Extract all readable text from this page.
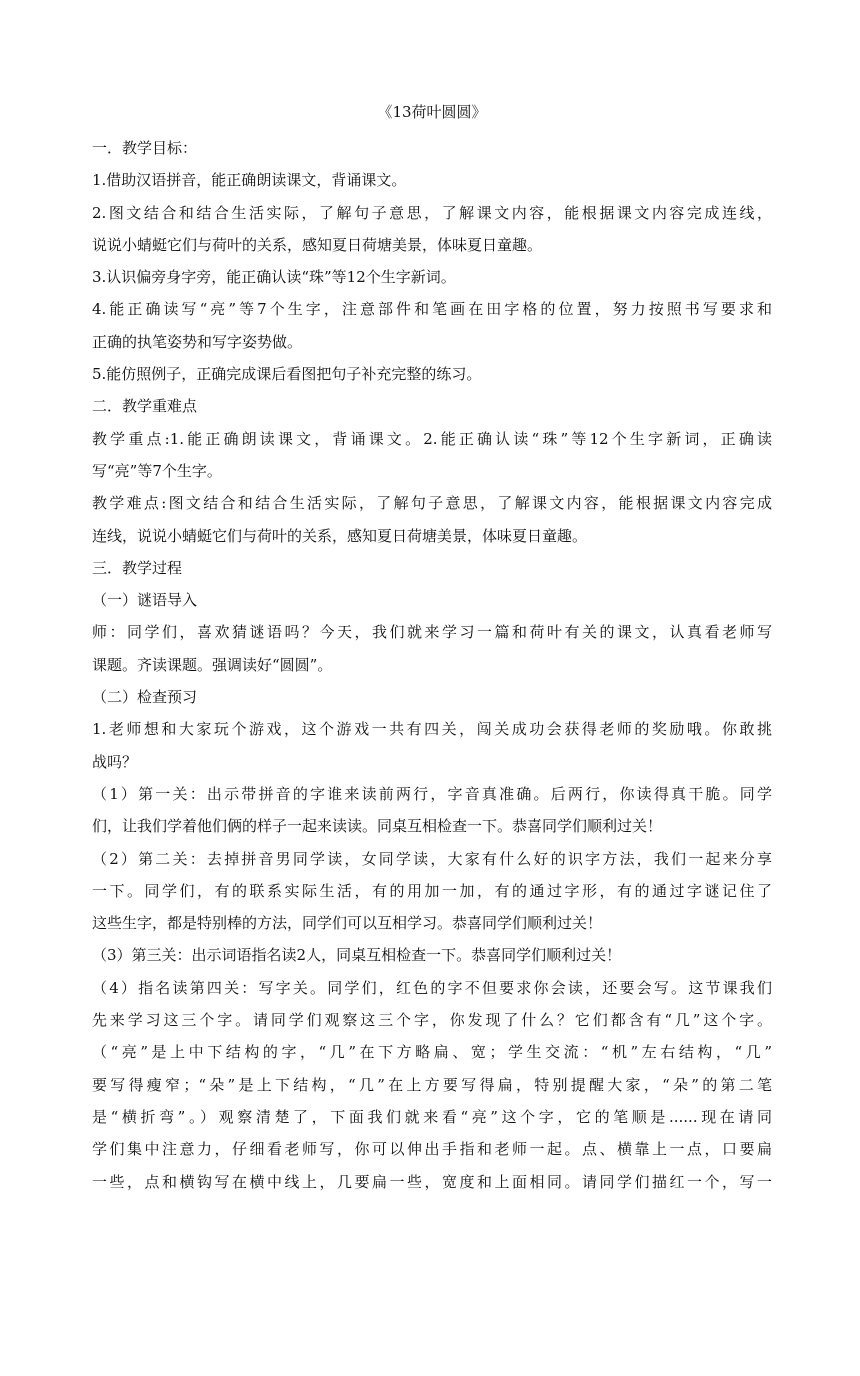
《13荷叶圆圆》
一．教学目标：
1.借助汉语拼音，能正确朗读课文，背诵课文。
2.图文结合和结合生活实际，了解句子意思，了解课文内容，能根据课文内容完成连线，
说说小蜻蜓它们与荷叶的关系，感知夏日荷塘美景，体味夏日童趣。
3.认识偏旁身字旁，能正确认读“珠”等12个生字新词。
4.能正确读写“亮”等7个生字，注意部件和笔画在田字格的位置，努力按照书写要求和
正确的执笔姿势和写字姿势做。
5.能仿照例子，正确完成课后看图把句子补充完整的练习。
二．教学重难点
教学重点:1.能正确朗读课文，背诵课文。2.能正确认读“珠”等12个生字新词，正确读
写“亮”等7个生字。
教学难点:图文结合和结合生活实际，了解句子意思，了解课文内容，能根据课文内容完成
连线，说说小蜻蜓它们与荷叶的关系，感知夏日荷塘美景，体味夏日童趣。
三．教学过程
（一）谜语导入
师：同学们，喜欢猜谜语吗？今天，我们就来学习一篇和荷叶有关的课文，认真看老师写
课题。齐读课题。强调读好“圆圆”。
（二）检查预习
1.老师想和大家玩个游戏，这个游戏一共有四关，闯关成功会获得老师的奖励哦。你敢挑
战吗？
（1）第一关：出示带拼音的字谁来读前两行，字音真准确。后两行，你读得真干脆。同学
们，让我们学着他们俩的样子一起来读读。同桌互相检查一下。恭喜同学们顺利过关！
（2）第二关：去掉拼音男同学读，女同学读，大家有什么好的识字方法，我们一起来分享
一下。同学们，有的联系实际生活，有的用加一加，有的通过字形，有的通过字谜记住了
这些生字，都是特别棒的方法，同学们可以互相学习。恭喜同学们顺利过关！
（3）第三关：出示词语指名读2人，同桌互相检查一下。恭喜同学们顺利过关！
（4）指名读第四关：写字关。同学们，红色的字不但要求你会读，还要会写。这节课我们
先来学习这三个字。请同学们观察这三个字，你发现了什么？它们都含有“几”这个字。
（“亮”是上中下结构的字，“几”在下方略扁、宽；学生交流：“机”左右结构，“几”
要写得瘦窄；“朵”是上下结构，“几”在上方要写得扁，特别提醒大家，“朵”的第二笔
是“横折弯”。）观察清楚了，下面我们就来看“亮”这个字，它的笔顺是......现在请同
学们集中注意力，仔细看老师写，你可以伸出手指和老师一起。点、横靠上一点，口要扁
一些，点和横钩写在横中线上，几要扁一些，宽度和上面相同。请同学们描红一个，写一
